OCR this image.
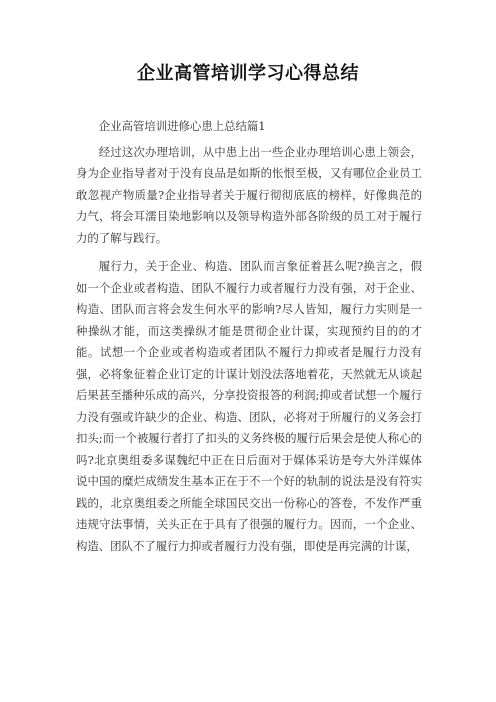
企业高管培训学习心得总结

企业高管培训进修心患上总结篇1

经过这次办理培训，从中患上出一些企业办理培训心患上领会，身为企业指导者对于没有良品是如斯的怅恨至极，又有哪位企业员工敢忽视产物质量?企业指导者关于履行彻彻底底的榜样，好像典范的力气，将会耳濡目染地影响以及领导构造外部各阶级的员工对于履行力的了解与践行。

履行力，关于企业、构造、团队而言象征着甚么呢?换言之，假如一个企业或者构造、团队不履行力或者履行力没有强，对于企业、构造、团队而言将会发生何水平的影响?尽人皆知，履行力实则是一种操纵才能，而这类操纵才能是贯彻企业计谋，实现预约目的的才能。试想一个企业或者构造或者团队不履行力抑或者是履行力没有强，必将象征着企业订定的计谋计划没法落地着花，天然就无从谈起后果甚至播种乐成的高兴，分享投资报答的利润;抑或者试想一个履行力没有强或许缺少的企业、构造、团队，必将对于所履行的义务会打扣头;而一个被履行者打了扣头的义务终极的履行后果会是使人称心的吗?北京奥组委多谋魏纪中正在日后面对于媒体采访是夸大外洋媒体说中国的糜烂成绩发生基本正在于不一个好的轨制的说法是没有符实践的，北京奥组委之所能全球国民交出一份称心的答卷，不发作严重违规守法事情，关头正在于具有了很强的履行力。因而，一个企业、构造、团队不了履行力抑或者履行力没有强，即使是再完满的计谋，
